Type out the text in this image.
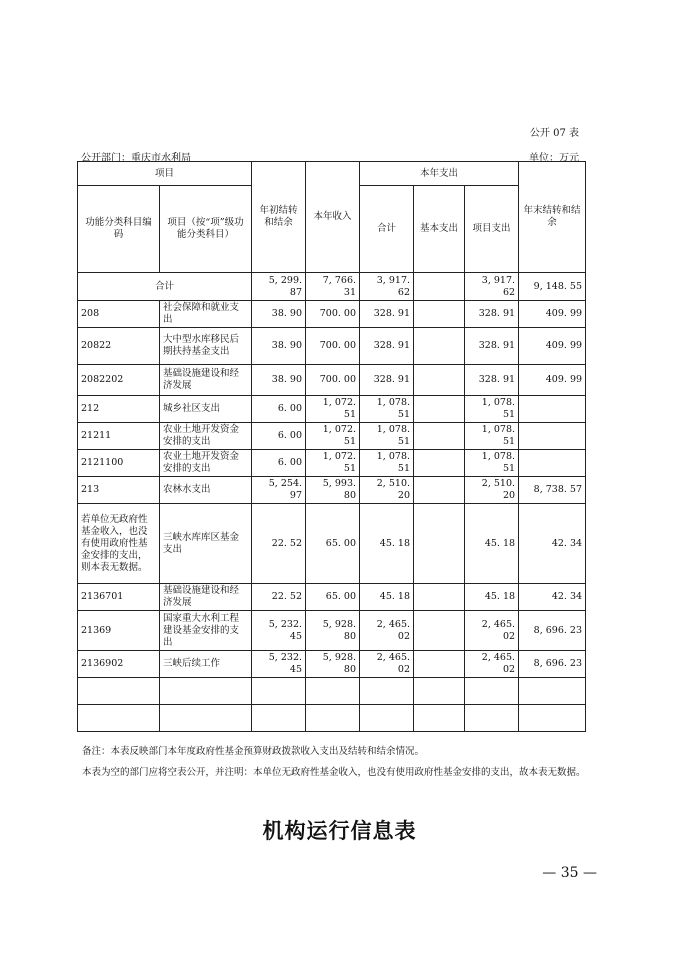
公开 07 表
公开部门：重庆市水利局	单位：万元
项目		年初结转和结余	本年收入	本年支出			年末结转和结余
功能分类科目编码	项目（按“项”级功能分类科目）			合计	基本支出	项目支出	
合计		5, 299. 87	7, 766. 31	3, 917. 62		3, 917. 62	9, 148. 55
208	社会保障和就业支出	38. 90	700. 00	328. 91		328. 91	409. 99
20822	大中型水库移民后期扶持基金支出	38. 90	700. 00	328. 91		328. 91	409. 99
2082202	基础设施建设和经济发展	38. 90	700. 00	328. 91		328. 91	409. 99
212	城乡社区支出	6. 00	1, 072. 51	1, 078. 51		1, 078. 51	
21211	农业土地开发资金安排的支出	6. 00	1, 072. 51	1, 078. 51		1, 078. 51	
2121100	农业土地开发资金安排的支出	6. 00	1, 072. 51	1, 078. 51		1, 078. 51	
213	农林水支出	5, 254. 97	5, 993. 80	2, 510. 20		2, 510. 20	8, 738. 57
若单位无政府性基金收入，也没有使用政府性基金安排的支出，则本表无数据。	三峡水库库区基金支出	22. 52	65. 00	45. 18		45. 18	42. 34
2136701	基础设施建设和经济发展	22. 52	65. 00	45. 18		45. 18	42. 34
21369	国家重大水利工程建设基金安排的支出	5, 232. 45	5, 928. 80	2, 465. 02		2, 465. 02	8, 696. 23
2136902	三峡后续工作	5, 232. 45	5, 928. 80	2, 465. 02		2, 465. 02	8, 696. 23

备注：本表反映部门本年度政府性基金预算财政拨款收入支出及结转和结余情况。
本表为空的部门应将空表公开，并注明：本单位无政府性基金收入，也没有使用政府性基金安排的支出，故本表无数据。
机构运行信息表
— 35 —
